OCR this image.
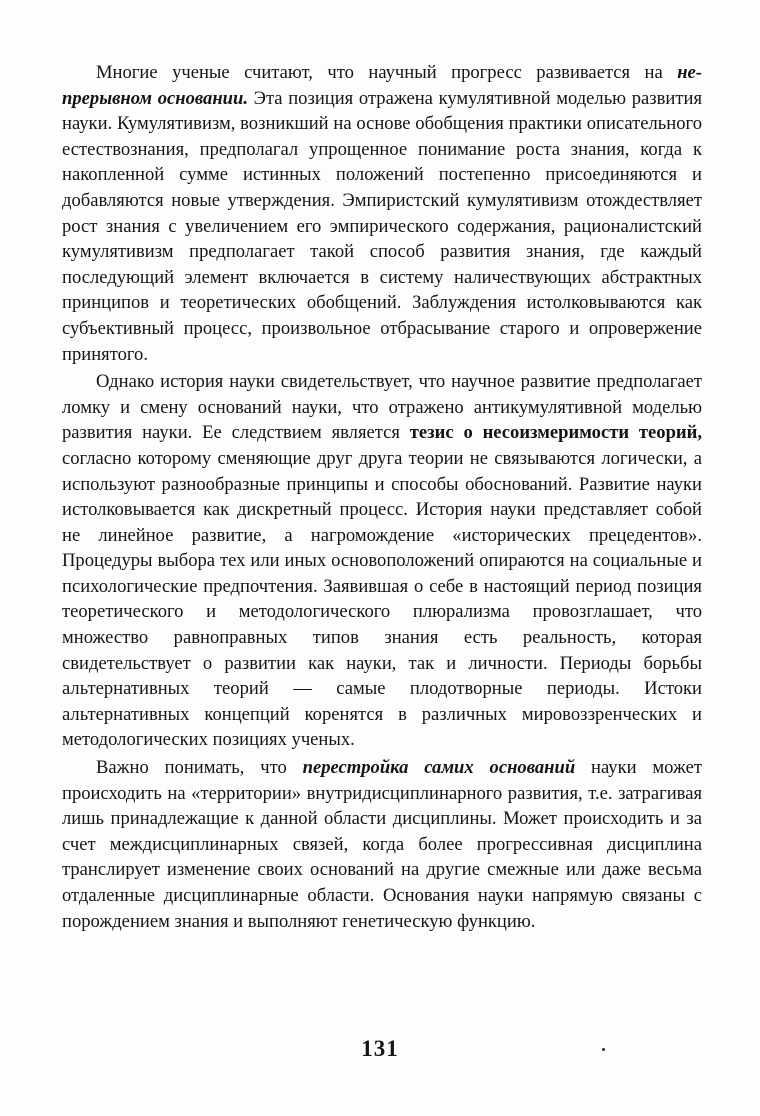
Многие ученые считают, что научный прогресс развивается на непрерывном основании. Эта позиция отражена кумулятивной моделью развития науки. Кумулятивизм, возникший на основе обобщения практики описательного естествознания, предполагал упрощенное понимание роста знания, когда к накопленной сумме истинных положений постепенно присоединяются и добавляются новые утверждения. Эмпиристский кумулятивизм отождествляет рост знания с увеличением его эмпирического содержания, рационалистский кумулятивизм предполагает такой способ развития знания, где каждый последующий элемент включается в систему наличествующих абстрактных принципов и теоретических обобщений. Заблуждения истолковываются как субъективный процесс, произвольное отбрасывание старого и опровержение принятого.

Однако история науки свидетельствует, что научное развитие предполагает ломку и смену оснований науки, что отражено антикумулятивной моделью развития науки. Ее следствием является тезис о несоизмеримости теорий, согласно которому сменяющие друг друга теории не связываются логически, а используют разнообразные принципы и способы обоснований. Развитие науки истолковывается как дискретный процесс. История науки представляет собой не линейное развитие, а нагромождение «исторических прецедентов». Процедуры выбора тех или иных основоположений опираются на социальные и психологические предпочтения. Заявившая о себе в настоящий период позиция теоретического и методологического плюрализма провозглашает, что множество равноправных типов знания есть реальность, которая свидетельствует о развитии как науки, так и личности. Периоды борьбы альтернативных теорий — самые плодотворные периоды. Истоки альтернативных концепций коренятся в различных мировоззренческих и методологических позициях ученых.

Важно понимать, что перестройка самих оснований науки может происходить на «территории» внутридисциплинарного развития, т.е. затрагивая лишь принадлежащие к данной области дисциплины. Может происходить и за счет междисциплинарных связей, когда более прогрессивная дисциплина транслирует изменение своих оснований на другие смежные или даже весьма отдаленные дисциплинарные области. Основания науки напрямую связаны с порождением знания и выполняют генетическую функцию.

131
